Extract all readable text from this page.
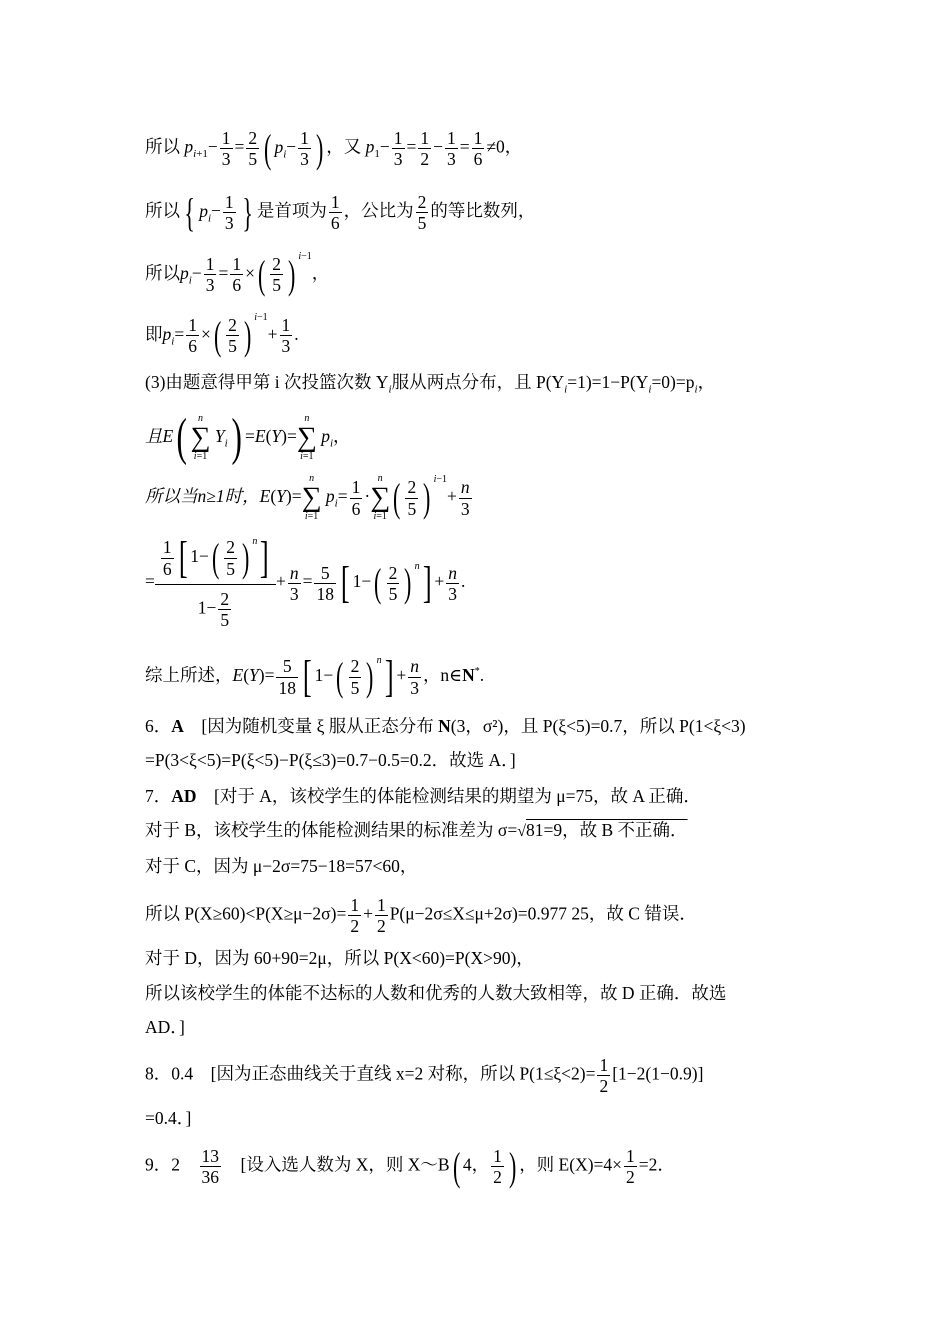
所以 $p_{i+1}- \frac{1}{3} = \frac{2}{5}$ ( $p_i- \frac{1}{3}$ ) ，又 $p_1- \frac{1}{3} = \frac{1}{2} - \frac{1}{3} = \frac{1}{6} \ne 0$，
所以 { $p_i- \frac{1}{3}$ } 是首项为 $\frac{1}{6}$ ，公比为 $\frac{2}{5}$ 的等比数列，
所以$p_i- \frac{1}{3} = \frac{1}{6}$ ×( $\frac{2}{5}$ ) $^{i-1}$，
即$p_i= \frac{1}{6}$ ×( $\frac{2}{5}$ ) $^{i-1}+ \frac{1}{3}$ .
(3)由题意得甲第 i 次投篮次数 $Y_i$服从两点分布，且 $P(Y_i=1)=1-P(Y_i=0)=p_i$，
且E(	n
∑
i=1
$Y_i) =E(Y)=$
n
∑
i=1
$p_i$，
所以当n≥1时，E(Y)=
n
∑
i=1
$p_i= \frac{1}{6}$ ·
n
∑
i=1 ( $\frac{2}{5}$ ) $^{i-1}+ \frac{n}{3}$
= $\frac{\frac{1}{6} [ 1-( \frac{2}{5} ) ^n]}{1- \frac{2}{5}} + \frac{n}{3} = \frac{5}{18}$ [ $1-( \frac{2}{5}$ ) $^n] + \frac{n}{3}$ .
综上所述，$E(Y)= \frac{5}{18}$ [ $1-( \frac{2}{5}$ ) $^n] + \frac{n}{3}$ ，n∈N*.
6．A　 [因为随机变量 ξ 服从正态分布 N(3，σ²)，且 P(ξ<5)=0.7，所以 P(1<ξ<3)
=P(3<ξ<5)=P(ξ<5)−P(ξ≤3)=0.7−0.5=0.2．故选 A．]
7．AD　 [对于 A，该校学生的体能检测结果的期望为 μ=75，故 A 正确．
对于 B，该校学生的体能检测结果的标准差为 σ=√81=9，故 B 不正确．
对于 C，因为 μ−2σ=75−18=57<60，
所以 $P(X\ge 60)<P(X\ge\mu-2\sigma)= \frac{1}{2} + \frac{1}{2} P(\mu-2\sigma\le X\le\mu+2\sigma)=0.977$ 25，故 C 错误．
对于 D，因为 60+90=2μ，所以 P(X<60)=P(X>90)，
所以该校学生的体能不达标的人数和优秀的人数大致相等，故 D 正确．故选
AD．]
8．0.4　 [因为正态曲线关于直线 x=2 对称，所以 $P(1\le\xi<2)= \frac{1}{2} [1-2(1-0.9)]$
=0.4．]
9．2　 $\frac{13}{36}$
　 [设入选人数为 X，则 X～B( 4， $\frac{1}{2}$ ) ，则 $E(X)=4\times \frac{1}{2} =2$．
